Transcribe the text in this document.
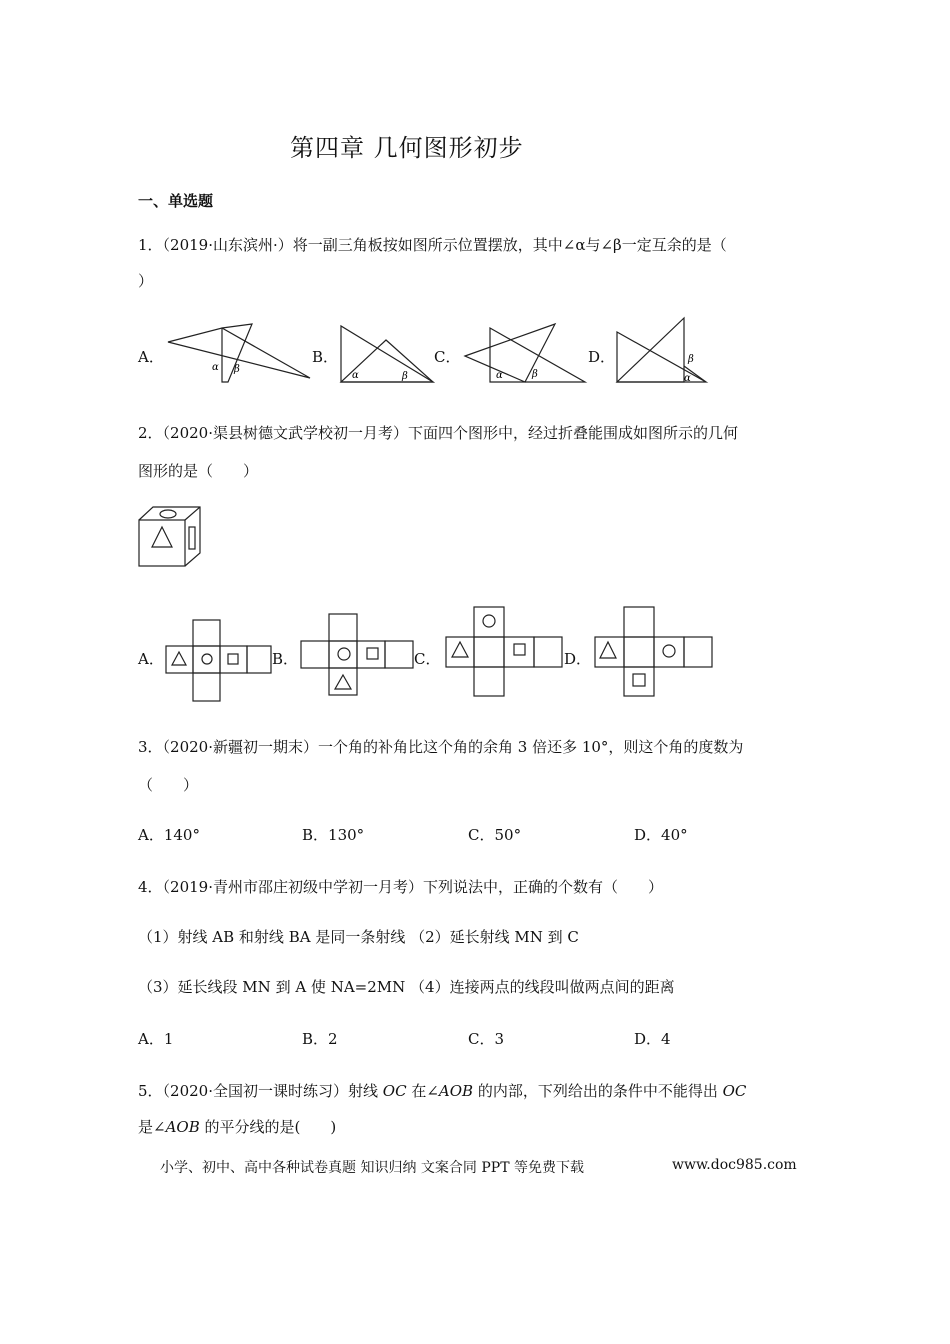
第四章 几何图形初步
一、单选题
1．（2019·山东滨州·）将一副三角板按如图所示位置摆放，其中∠α与∠β一定互余的是（
）
A．	B．	C．	D．
α β
α	β	α	β
β
α
2．（2020·渠县树德文武学校初一月考）下面四个图形中，经过折叠能围成如图所示的几何
图形的是（　　）
A．	B．	C．	D．
3．（2020·新疆初一期末）一个角的补角比这个角的余角 3 倍还多 10°，则这个角的度数为
（　　）
A．140°	B．130°	C．50°	D．40°
4．（2019·青州市邵庄初级中学初一月考）下列说法中，正确的个数有（　　）
（1）射线 AB 和射线 BA 是同一条射线 （2）延长射线 MN 到 C
（3）延长线段 MN 到 A 使 NA=2MN （4）连接两点的线段叫做两点间的距离
A．1	B．2	C．3	D．4
5．（2020·全国初一课时练习）射线 OC 在∠AOB 的内部，下列给出的条件中不能得出 OC
是∠AOB 的平分线的是(　　)
小学、初中、高中各种试卷真题 知识归纳 文案合同 PPT 等免费下载	www.doc985.com
